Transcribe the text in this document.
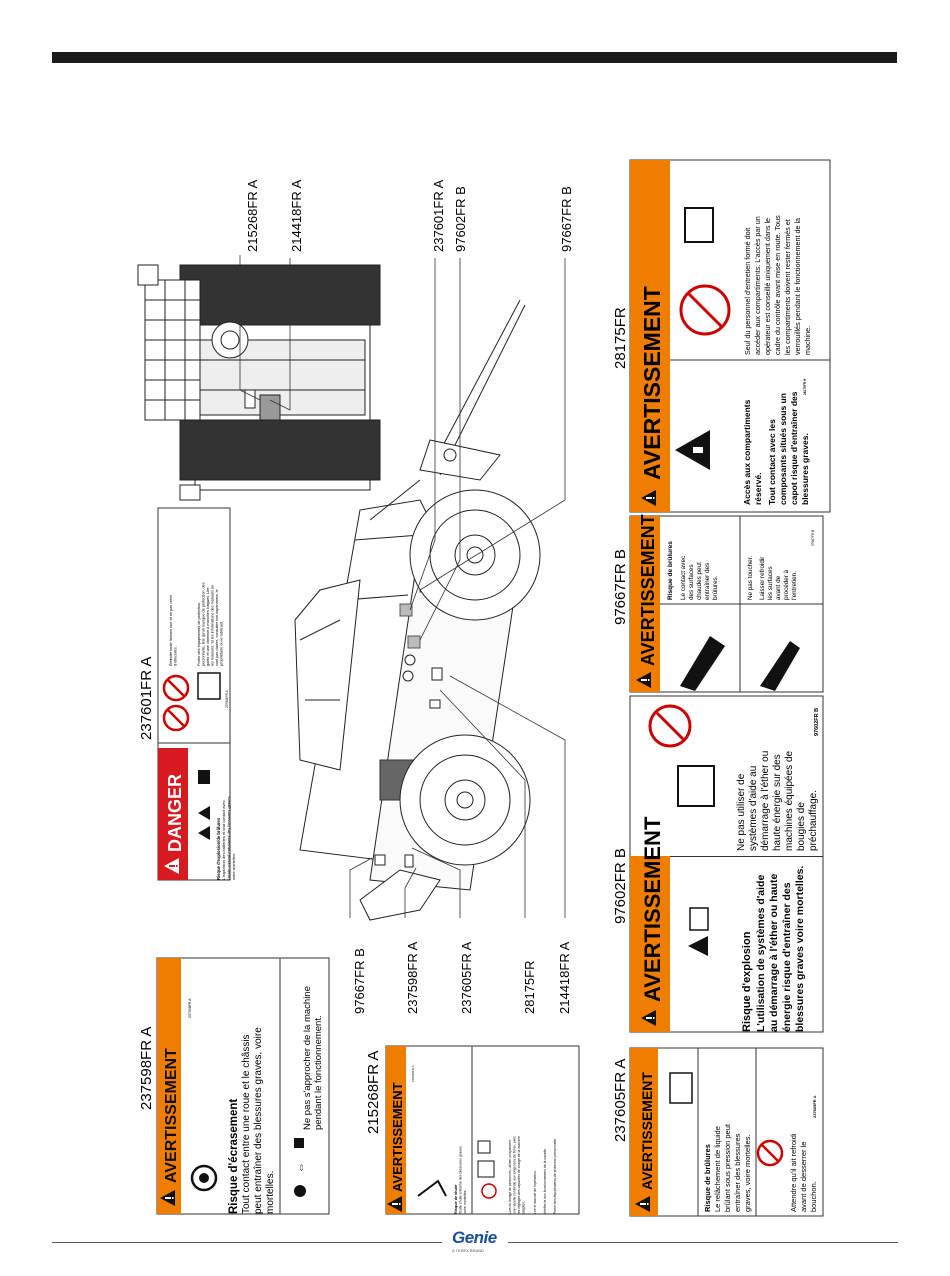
97667FR B	237598FR A	237605FR A	28175FR 214418FR A
215268FR A 214418FR A	237601FR A 97602FR B	97667FR B
237598FR A AVERTISSEMENT
237598FR A
Risque d'écrasement Tout contact entre une roue et le châssis peut entraîner des blessures graves, voire mortelles.
⇔
Ne pas s'approcher de la machine pendant le fonctionnement.
237601FR A
DANGER	Risque d'explosion/de brûlures L'explosion des batteries et tout contact avec l'acide corrosif entraînent des blessures graves, voire mortelles.
237601FR A
Porter des équipements de protection personnelle, tels qu'un masque de protection, des gants et une chemise à manches longues. Lire les manuels. Si les informations des manuels ne sont pas claires, consulter son superviseur, le propriétaire ou le fabricant.
Éteindre toute flamme nue et ne pas créer d'étincelles.
215268FR A AVERTISSEMENT
215268FR A
Risque de chute Toute chute entraîne des blessures graves, voire mortelles.	Lors du levage de personnes, utiliser uniquement une nacelle conforme aux exigences de Terex, avec les réglages des capacités de charge de la machine adaptés. Lire le manuel de l'opérateur. Vérifier le bon fonctionnement de la nacelle. Porter des équipements de protection personnelle.
97602FR B AVERTISSEMENT	Risque d'explosion L'utilisation de systèmes d'aide au démarrage à l'éther ou haute énergie risque d'entraîner des blessures graves voire mortelles.
Ne pas utiliser de systèmes d'aide au démarrage à l'éther ou haute énergie sur des machines équipées de bougies de préchauffage.
97602FR B
97667FR B AVERTISSEMENT Risque de brûlures Le contact avec des surfaces chaudes peut entraîner des brûlures.	Ne pas toucher. Laisser refroidir les surfaces avant de procéder à l'entretien.
97667FR B
28175FR AVERTISSEMENT	Accès aux compartiments réservé. Tout contact avec les composants situés sous un capot risque d'entraîner des blessures graves.
28175FR H
Seul du personnel d'entretien formé doit accéder aux compartiments. L'accès par un opérateur est conseillé uniquement dans le cadre du contrôle avant mise en route. Tous les compartiments doivent rester fermés et verrouillés pendant le fonctionnement de la machine.
237605FR A AVERTISSEMENT	Risque de brûlures Le relâchement de liquide brûlant sous pression peut entraîner des blessures graves, voire mortelles.	Attendre qu'il ait refroidi avant de desserrer le bouchon.
237605FR A
Genie
A TEREX BRAND
